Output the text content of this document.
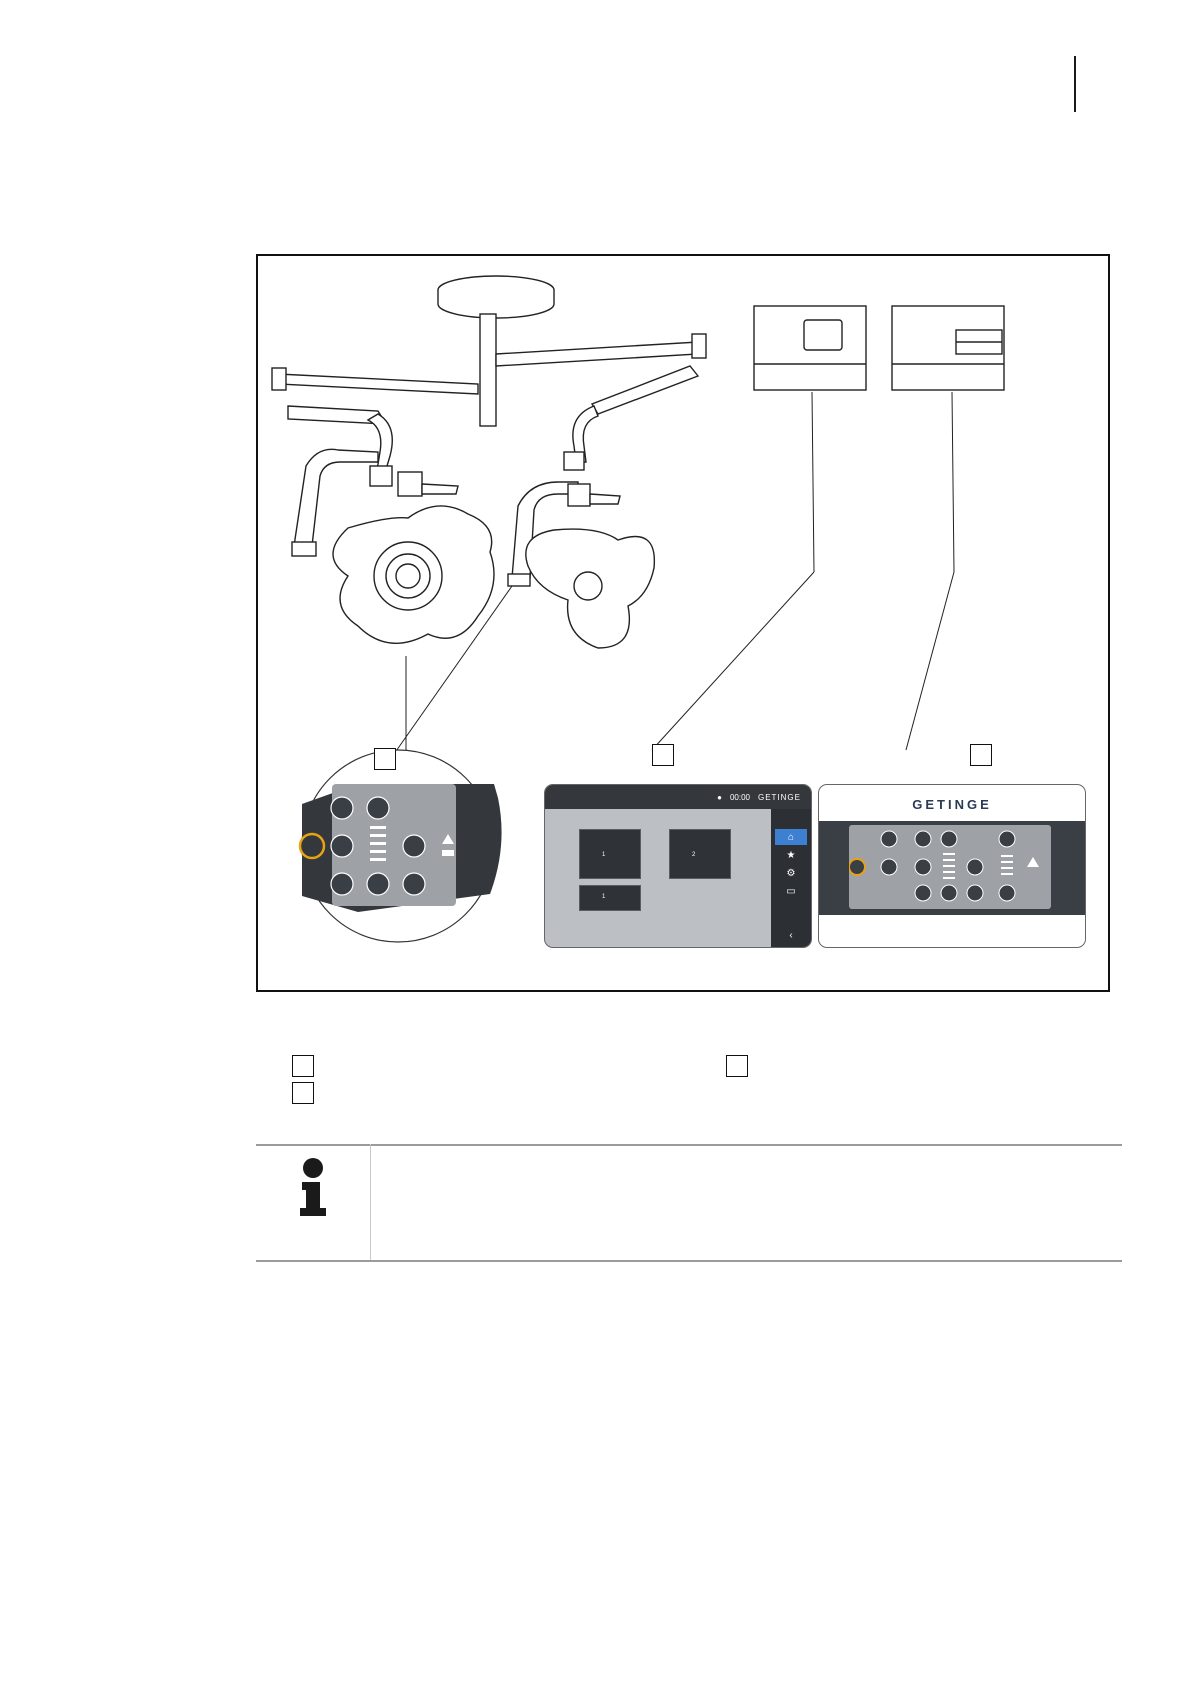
● 00:00 GETINGE
1	2
1
⌂
★
⚙
▭
‹
GETINGE
